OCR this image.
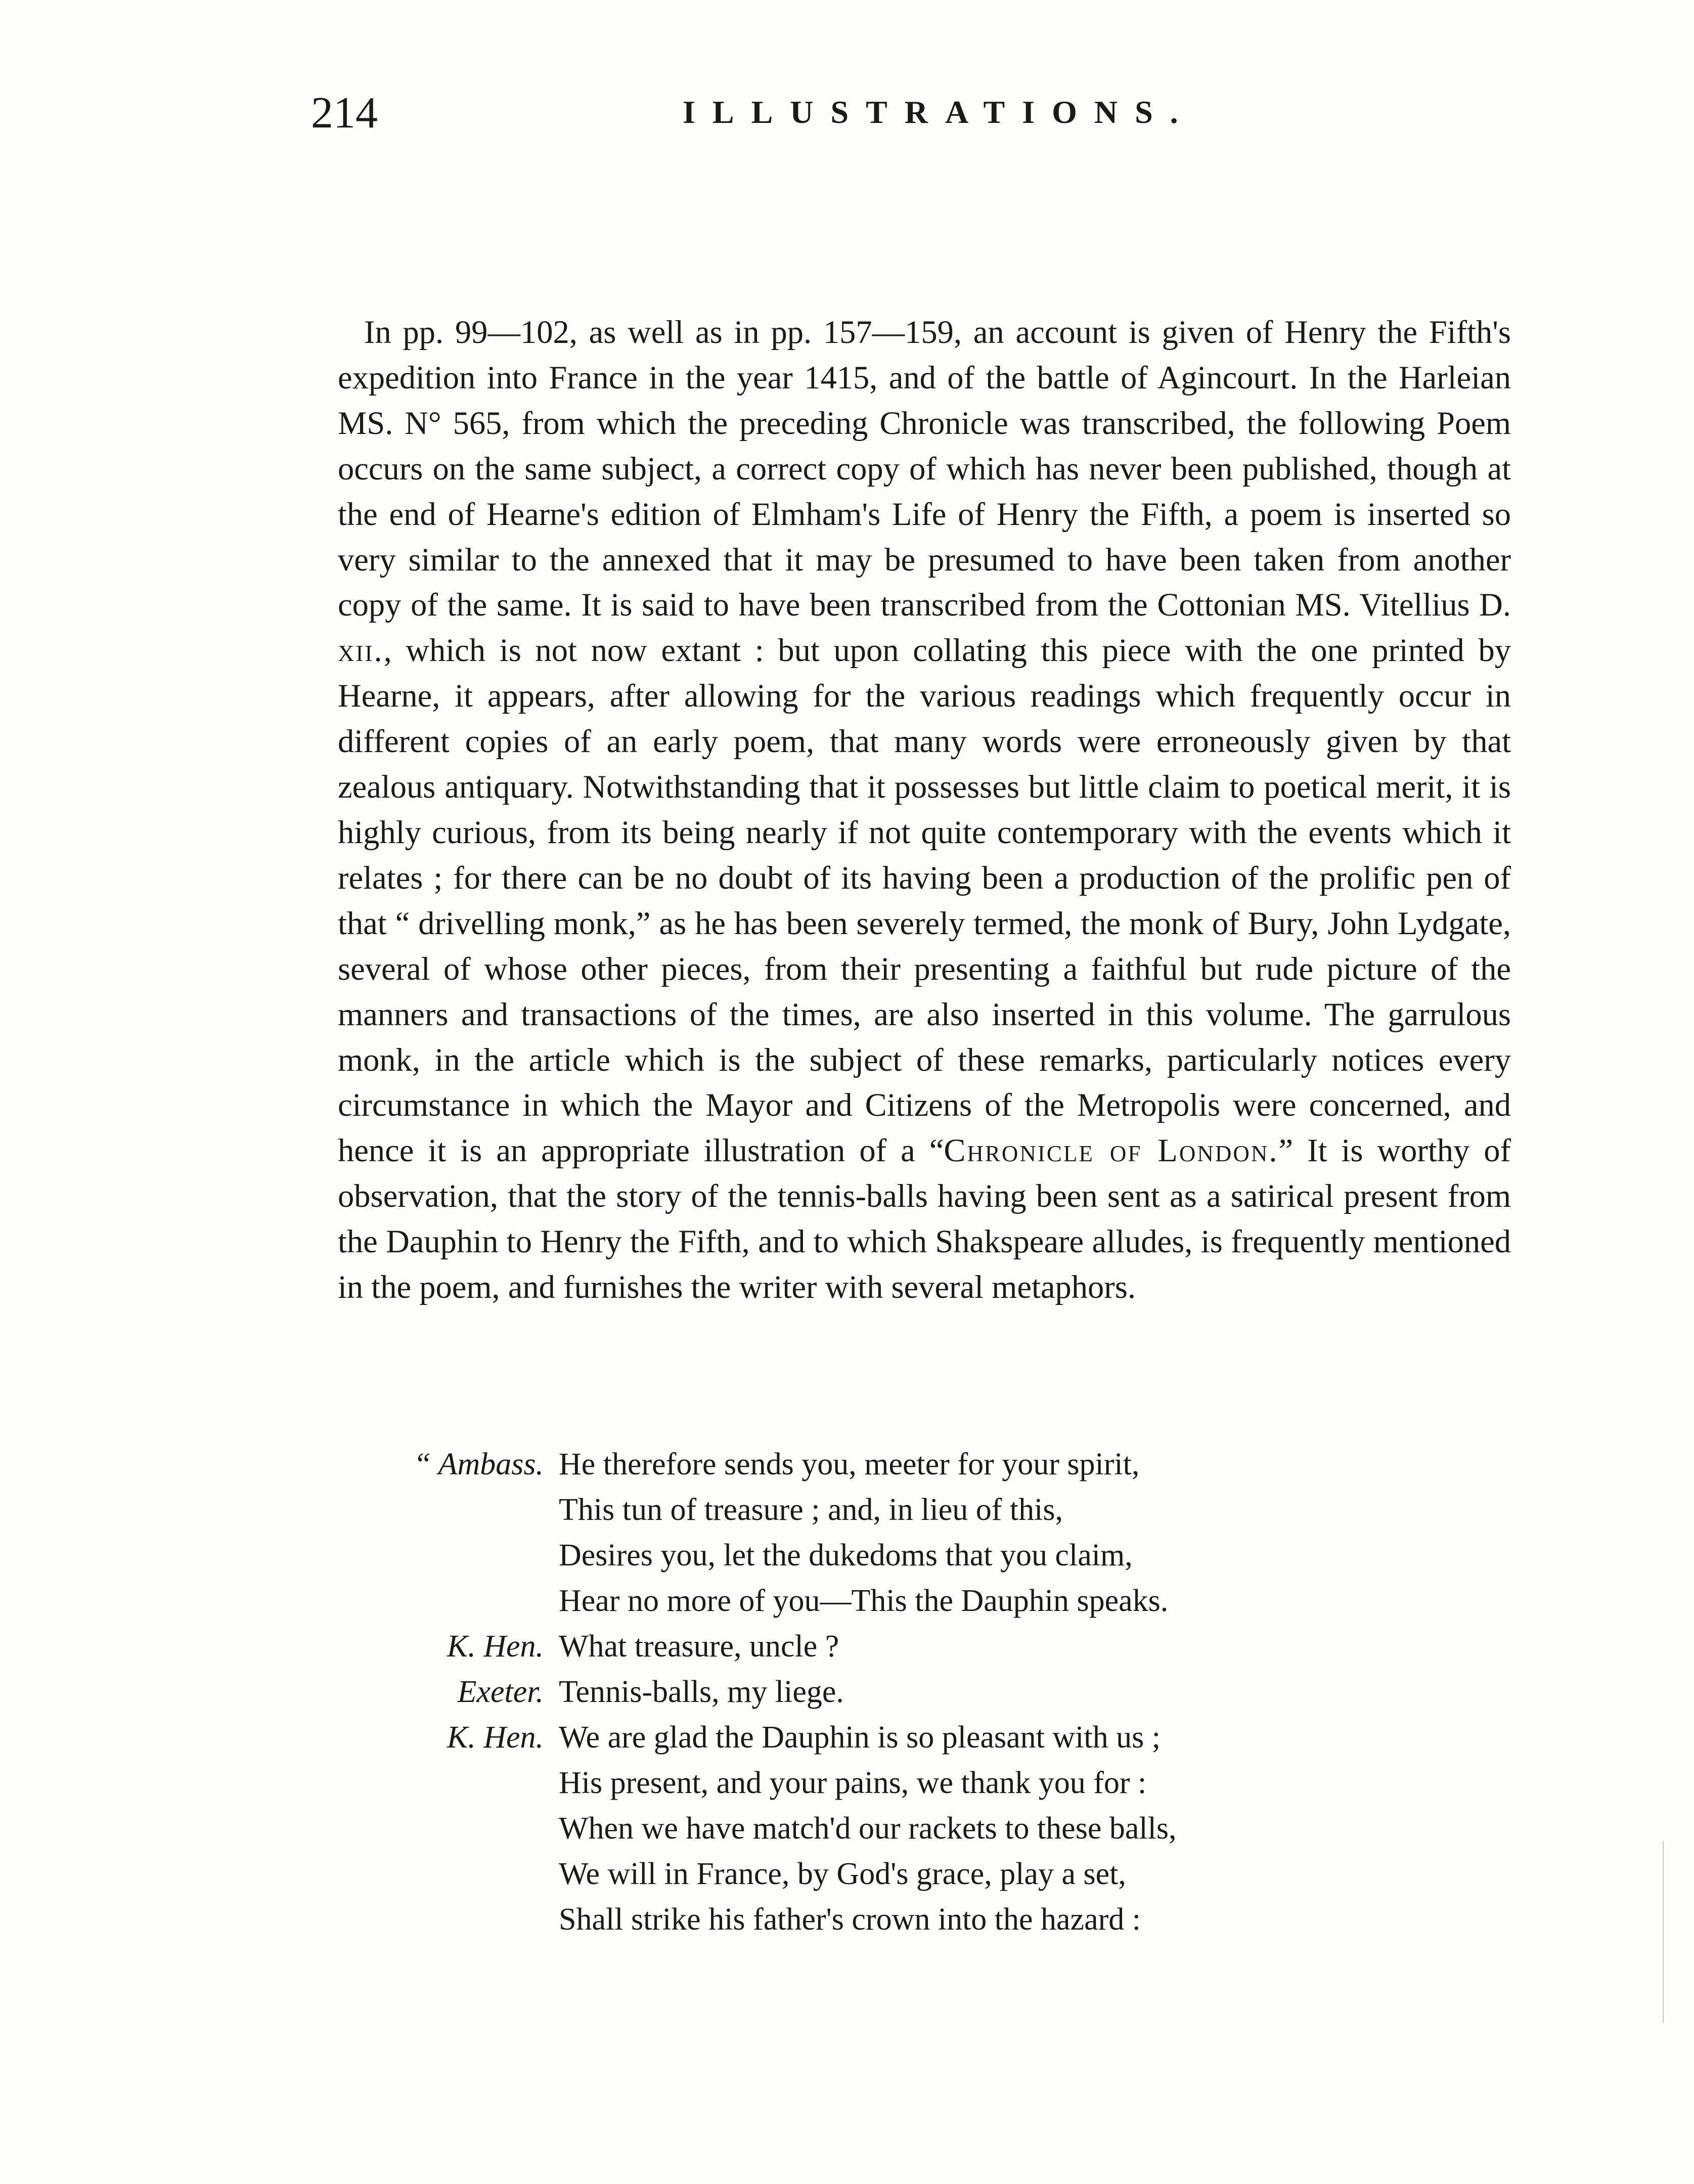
214	ILLUSTRATIONS.

In pp. 99—102, as well as in pp. 157—159, an account is given of Henry the Fifth's expedition into France in the year 1415, and of the battle of Agincourt. In the Harleian MS. N° 565, from which the preceding Chronicle was transcribed, the following Poem occurs on the same subject, a correct copy of which has never been published, though at the end of Hearne's edition of Elmham's Life of Henry the Fifth, a poem is inserted so very similar to the annexed that it may be presumed to have been taken from another copy of the same. It is said to have been transcribed from the Cottonian MS. Vitellius D. xii., which is not now extant : but upon collating this piece with the one printed by Hearne, it appears, after allowing for the various readings which frequently occur in different copies of an early poem, that many words were erroneously given by that zealous antiquary. Notwithstanding that it possesses but little claim to poetical merit, it is highly curious, from its being nearly if not quite contemporary with the events which it relates ; for there can be no doubt of its having been a production of the prolific pen of that “ drivelling monk,” as he has been severely termed, the monk of Bury, John Lydgate, several of whose other pieces, from their presenting a faithful but rude picture of the manners and transactions of the times, are also inserted in this volume. The garrulous monk, in the article which is the subject of these remarks, particularly notices every circumstance in which the Mayor and Citizens of the Metropolis were concerned, and hence it is an appropriate illustration of a “Chronicle of London.” It is worthy of observation, that the story of the tennis-balls having been sent as a satirical present from the Dauphin to Henry the Fifth, and to which Shakspeare alludes, is frequently mentioned in the poem, and furnishes the writer with several metaphors.

“ Ambass. He therefore sends you, meeter for your spirit,
This tun of treasure ; and, in lieu of this,
Desires you, let the dukedoms that you claim,
Hear no more of you—This the Dauphin speaks.
K. Hen. What treasure, uncle ?
Exeter. Tennis-balls, my liege.
K. Hen. We are glad the Dauphin is so pleasant with us ;
His present, and your pains, we thank you for :
When we have match'd our rackets to these balls,
We will in France, by God's grace, play a set,
Shall strike his father's crown into the hazard :
